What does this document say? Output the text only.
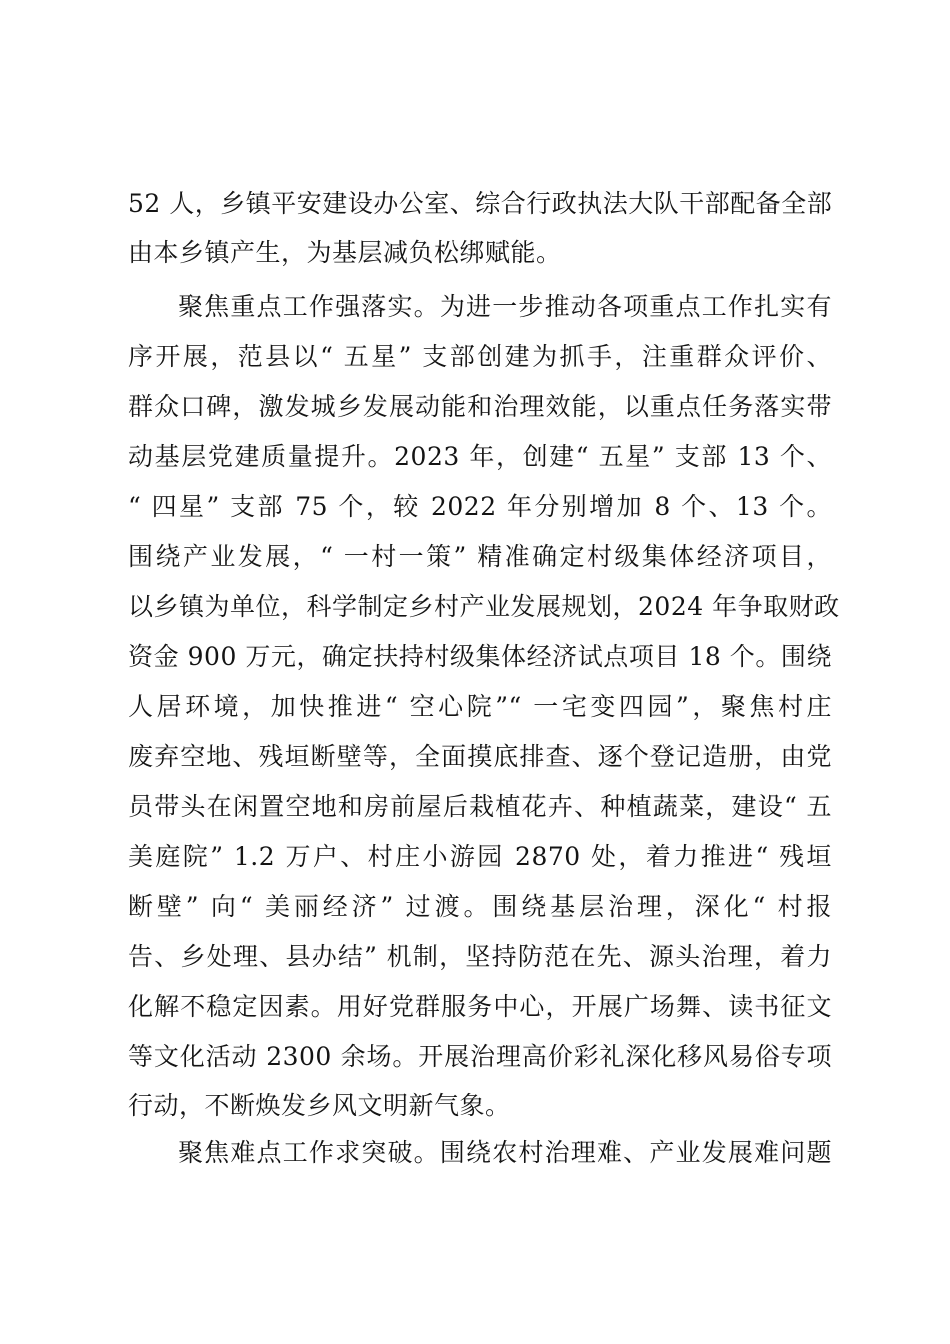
52 人，乡镇平安建设办公室、综合行政执法大队干部配备全部
由本乡镇产生，为基层减负松绑赋能。
聚焦重点工作强落实。为进一步推动各项重点工作扎实有
序开展，范县以“ 五星” 支部创建为抓手，注重群众评价、
群众口碑，激发城乡发展动能和治理效能，以重点任务落实带
动基层党建质量提升。2023 年，创建“ 五星” 支部 13 个、
“ 四星” 支部 75 个，较 2022 年分别增加 8 个、13 个。
围绕产业发展，“ 一村一策” 精准确定村级集体经济项目，
以乡镇为单位，科学制定乡村产业发展规划，2024 年争取财政
资金 900 万元，确定扶持村级集体经济试点项目 18 个。围绕
人居环境，加快推进“ 空心院”“ 一宅变四园”，聚焦村庄
废弃空地、残垣断壁等，全面摸底排查、逐个登记造册，由党
员带头在闲置空地和房前屋后栽植花卉、种植蔬菜，建设“ 五
美庭院” 1.2 万户、村庄小游园 2870 处，着力推进“ 残垣
断壁” 向“ 美丽经济” 过渡。围绕基层治理，深化“ 村报
告、乡处理、县办结” 机制，坚持防范在先、源头治理，着力
化解不稳定因素。用好党群服务中心，开展广场舞、读书征文
等文化活动 2300 余场。开展治理高价彩礼深化移风易俗专项
行动，不断焕发乡风文明新气象。
聚焦难点工作求突破。围绕农村治理难、产业发展难问题
